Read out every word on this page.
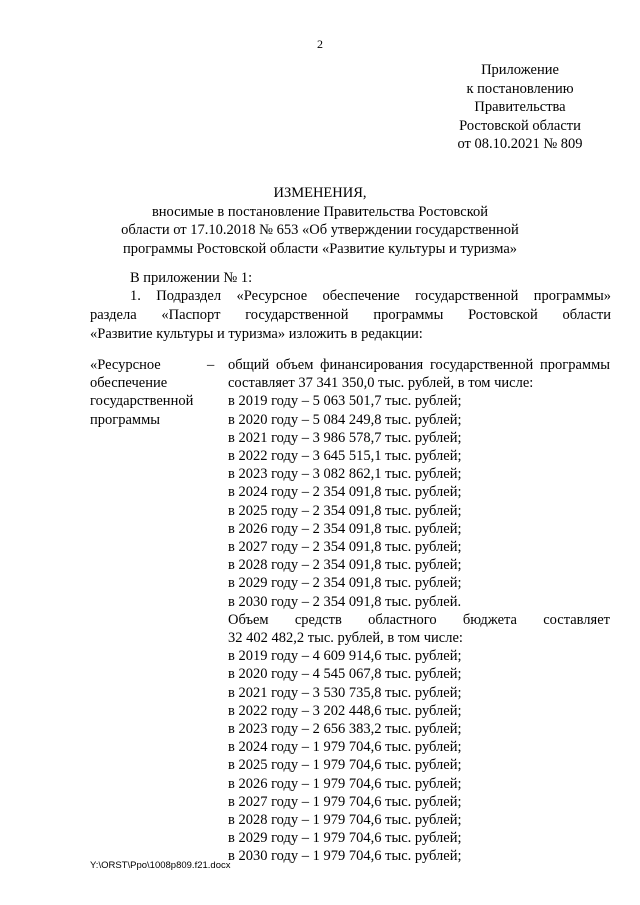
2
Приложение
к постановлению
Правительства
Ростовской области
от 08.10.2021 № 809
ИЗМЕНЕНИЯ,
вносимые в постановление Правительства Ростовской
области от 17.10.2018 № 653 «Об утверждении государственной
программы Ростовской области «Развитие культуры и туризма»
В приложении № 1:
1. Подраздел «Ресурсное обеспечение государственной программы»
раздела «Паспорт государственной программы Ростовской области
«Развитие культуры и туризма» изложить в редакции:
«Ресурсное
обеспечение
государственной
программы
– общий объем финансирования государственной программы
составляет 37 341 350,0 тыс. рублей, в том числе:
в 2019 году – 5 063 501,7 тыс. рублей;
в 2020 году – 5 084 249,8 тыс. рублей;
в 2021 году – 3 986 578,7 тыс. рублей;
в 2022 году – 3 645 515,1 тыс. рублей;
в 2023 году – 3 082 862,1 тыс. рублей;
в 2024 году – 2 354 091,8 тыс. рублей;
в 2025 году – 2 354 091,8 тыс. рублей;
в 2026 году – 2 354 091,8 тыс. рублей;
в 2027 году – 2 354 091,8 тыс. рублей;
в 2028 году – 2 354 091,8 тыс. рублей;
в 2029 году – 2 354 091,8 тыс. рублей;
в 2030 году – 2 354 091,8 тыс. рублей.
Объем средств областного бюджета составляет
32 402 482,2 тыс. рублей, в том числе:
в 2019 году – 4 609 914,6 тыс. рублей;
в 2020 году – 4 545 067,8 тыс. рублей;
в 2021 году – 3 530 735,8 тыс. рублей;
в 2022 году – 3 202 448,6 тыс. рублей;
в 2023 году – 2 656 383,2 тыс. рублей;
в 2024 году – 1 979 704,6 тыс. рублей;
в 2025 году – 1 979 704,6 тыс. рублей;
в 2026 году – 1 979 704,6 тыс. рублей;
в 2027 году – 1 979 704,6 тыс. рублей;
в 2028 году – 1 979 704,6 тыс. рублей;
в 2029 году – 1 979 704,6 тыс. рублей;
в 2030 году – 1 979 704,6 тыс. рублей;
Y:\ORST\Ppo\1008p809.f21.docx
